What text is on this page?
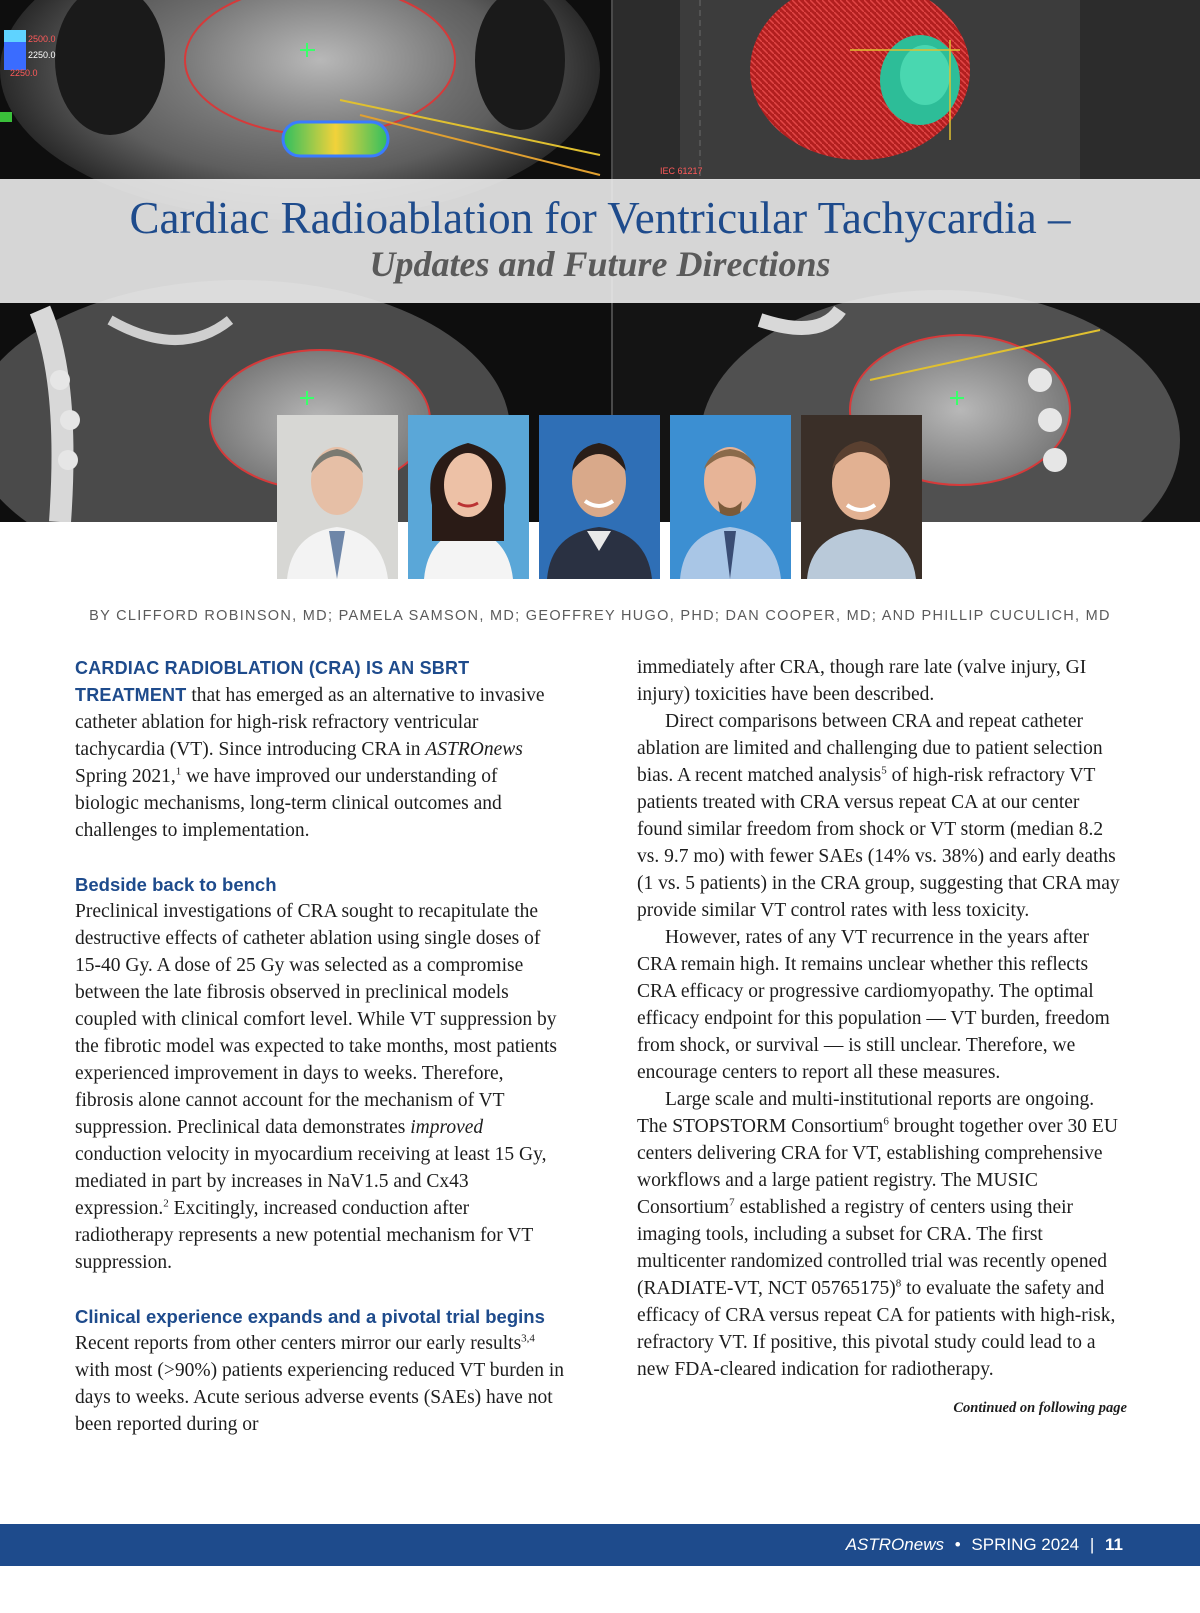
2500.0
2250.0
2250.0
IEC 61217
Cardiac Radioablation for Ventricular Tachycardia –
Updates and Future Directions
BY CLIFFORD ROBINSON, MD; PAMELA SAMSON, MD; GEOFFREY HUGO, PHD; DAN COOPER, MD; AND PHILLIP CUCULICH, MD

CARDIAC RADIOBLATION (CRA) IS AN SBRT TREATMENT that has emerged as an alternative to invasive catheter ablation for high-risk refractory ventricular tachycardia (VT). Since introducing CRA in ASTROnews Spring 2021,$^1$ we have improved our understanding of biologic mechanisms, long-term clinical outcomes and challenges to implementation.

Bedside back to bench

Preclinical investigations of CRA sought to recapitulate the destructive effects of catheter ablation using single doses of 15-40 Gy. A dose of 25 Gy was selected as a compromise between the late fibrosis observed in preclinical models coupled with clinical comfort level. While VT suppression by the fibrotic model was expected to take months, most patients experienced improvement in days to weeks. Therefore, fibrosis alone cannot account for the mechanism of VT suppression. Preclinical data demonstrates improved conduction velocity in myocardium receiving at least 15 Gy, mediated in part by increases in NaV1.5 and Cx43 expression.$^2$ Excitingly, increased conduction after radiotherapy represents a new potential mechanism for VT suppression.

Clinical experience expands and a pivotal trial begins

Recent reports from other centers mirror our early results$^{3,4}$ with most (>90%) patients experiencing reduced VT burden in days to weeks. Acute serious adverse events (SAEs) have not been reported during or

immediately after CRA, though rare late (valve injury, GI injury) toxicities have been described.

Direct comparisons between CRA and repeat catheter ablation are limited and challenging due to patient selection bias. A recent matched analysis$^5$ of high-risk refractory VT patients treated with CRA versus repeat CA at our center found similar freedom from shock or VT storm (median 8.2 vs. 9.7 mo) with fewer SAEs (14% vs. 38%) and early deaths (1 vs. 5 patients) in the CRA group, suggesting that CRA may provide similar VT control rates with less toxicity.

However, rates of any VT recurrence in the years after CRA remain high. It remains unclear whether this reflects CRA efficacy or progressive cardiomyopathy. The optimal efficacy endpoint for this population — VT burden, freedom from shock, or survival — is still unclear. Therefore, we encourage centers to report all these measures.

Large scale and multi-institutional reports are ongoing. The STOPSTORM Consortium$^6$ brought together over 30 EU centers delivering CRA for VT, establishing comprehensive workflows and a large patient registry. The MUSIC Consortium$^7$ established a registry of centers using their imaging tools, including a subset for CRA. The first multicenter randomized controlled trial was recently opened (RADIATE-VT, NCT 05765175)$^8$ to evaluate the safety and efficacy of CRA versus repeat CA for patients with high-risk, refractory VT. If positive, this pivotal study could lead to a new FDA-cleared indication for radiotherapy.

Continued on following page

ASTROnews • SPRING 2024 | 11
